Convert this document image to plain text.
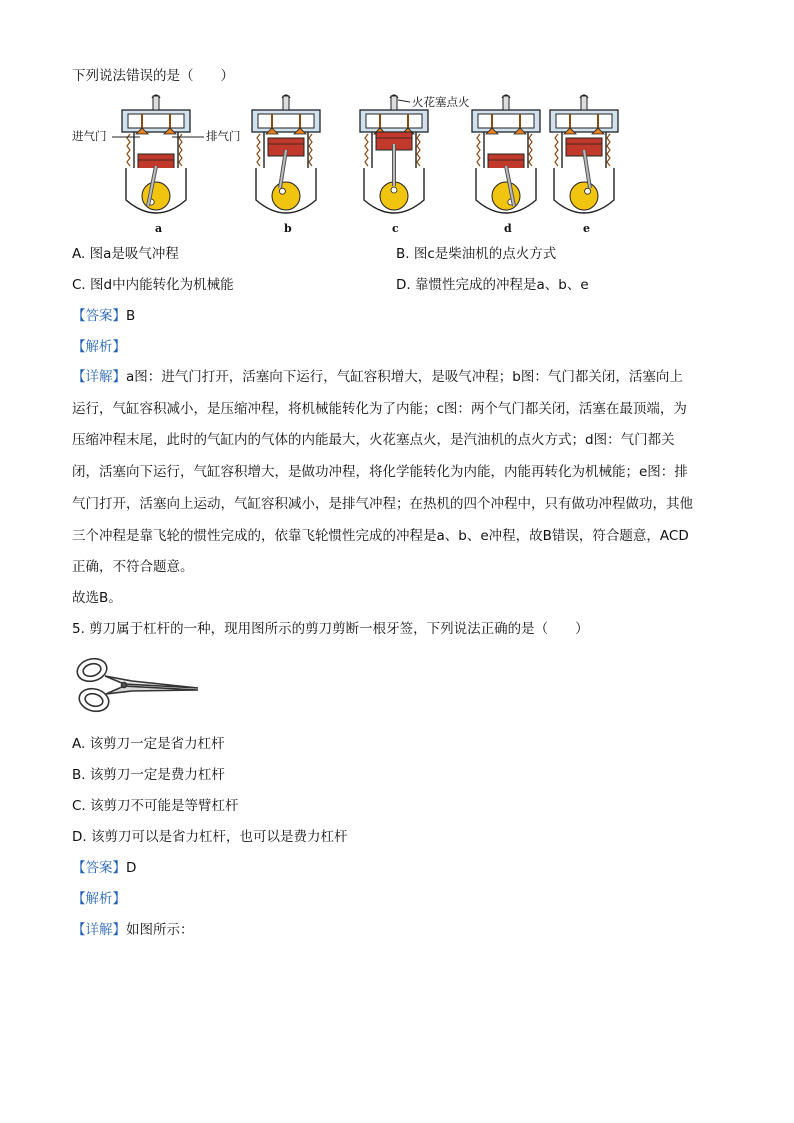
下列说法错误的是（　　）
进气门	排气门
火花塞点火
a	b	c	d	e
A. 图a是吸气冲程	B. 图c是柴油机的点火方式
C. 图d中内能转化为机械能	D. 靠惯性完成的冲程是a、b、e
【答案】B
【解析】
【详解】a图：进气门打开，活塞向下运行，气缸容积增大，是吸气冲程；b图：气门都关闭，活塞向上
运行，气缸容积减小，是压缩冲程，将机械能转化为了内能；c图：两个气门都关闭，活塞在最顶端，为
压缩冲程末尾，此时的气缸内的气体的内能最大，火花塞点火，是汽油机的点火方式；d图：气门都关
闭，活塞向下运行，气缸容积增大，是做功冲程，将化学能转化为内能，内能再转化为机械能；e图：排
气门打开，活塞向上运动，气缸容积减小，是排气冲程；在热机的四个冲程中，只有做功冲程做功，其他
三个冲程是靠飞轮的惯性完成的，依靠飞轮惯性完成的冲程是a、b、e冲程，故B错误，符合题意，ACD
正确，不符合题意。
故选B。
5. 剪刀属于杠杆的一种，现用图所示的剪刀剪断一根牙签，下列说法正确的是（　　）
A. 该剪刀一定是省力杠杆
B. 该剪刀一定是费力杠杆
C. 该剪刀不可能是等臂杠杆
D. 该剪刀可以是省力杠杆，也可以是费力杠杆
【答案】D
【解析】
【详解】如图所示：
